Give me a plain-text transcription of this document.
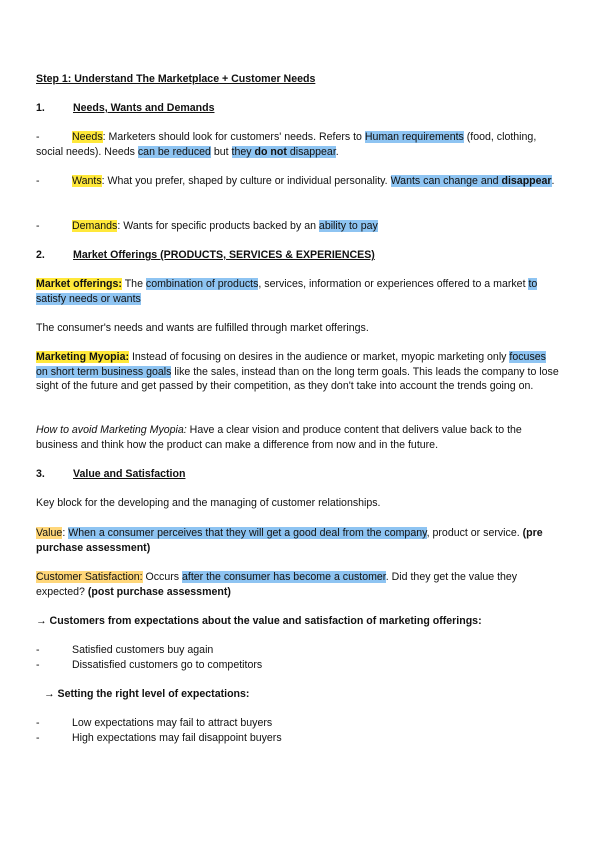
Step 1: Understand The Marketplace + Customer Needs
1.	Needs, Wants and Demands
-	Needs: Marketers should look for customers' needs. Refers to Human requirements (food, clothing, social needs). Needs can be reduced but they do not disappear.
-	Wants: What you prefer, shaped by culture or individual personality. Wants can change and disappear.
-	Demands: Wants for specific products backed by an ability to pay
2.	Market Offerings (PRODUCTS, SERVICES & EXPERIENCES)
Market offerings: The combination of products, services, information or experiences offered to a market to satisfy needs or wants
The consumer's needs and wants are fulfilled through market offerings.
Marketing Myopia: Instead of focusing on desires in the audience or market, myopic marketing only focuses on short term business goals like the sales, instead than on the long term goals. This leads the company to lose sight of the future and get passed by their competition, as they don't take into account the trends going on.
How to avoid Marketing Myopia: Have a clear vision and produce content that delivers value back to the business and think how the product can make a difference from now and in the future.
3.	Value and Satisfaction
Key block for the developing and the managing of customer relationships.
Value: When a consumer perceives that they will get a good deal from the company, product or service. (pre purchase assessment)
Customer Satisfaction: Occurs after the consumer has become a customer. Did they get the value they expected? (post purchase assessment)
→ Customers from expectations about the value and satisfaction of marketing offerings:
-	Satisfied customers buy again
-	Dissatisfied customers go to competitors
→ Setting the right level of expectations:
-	Low expectations may fail to attract buyers
-	High expectations may fail disappoint buyers
